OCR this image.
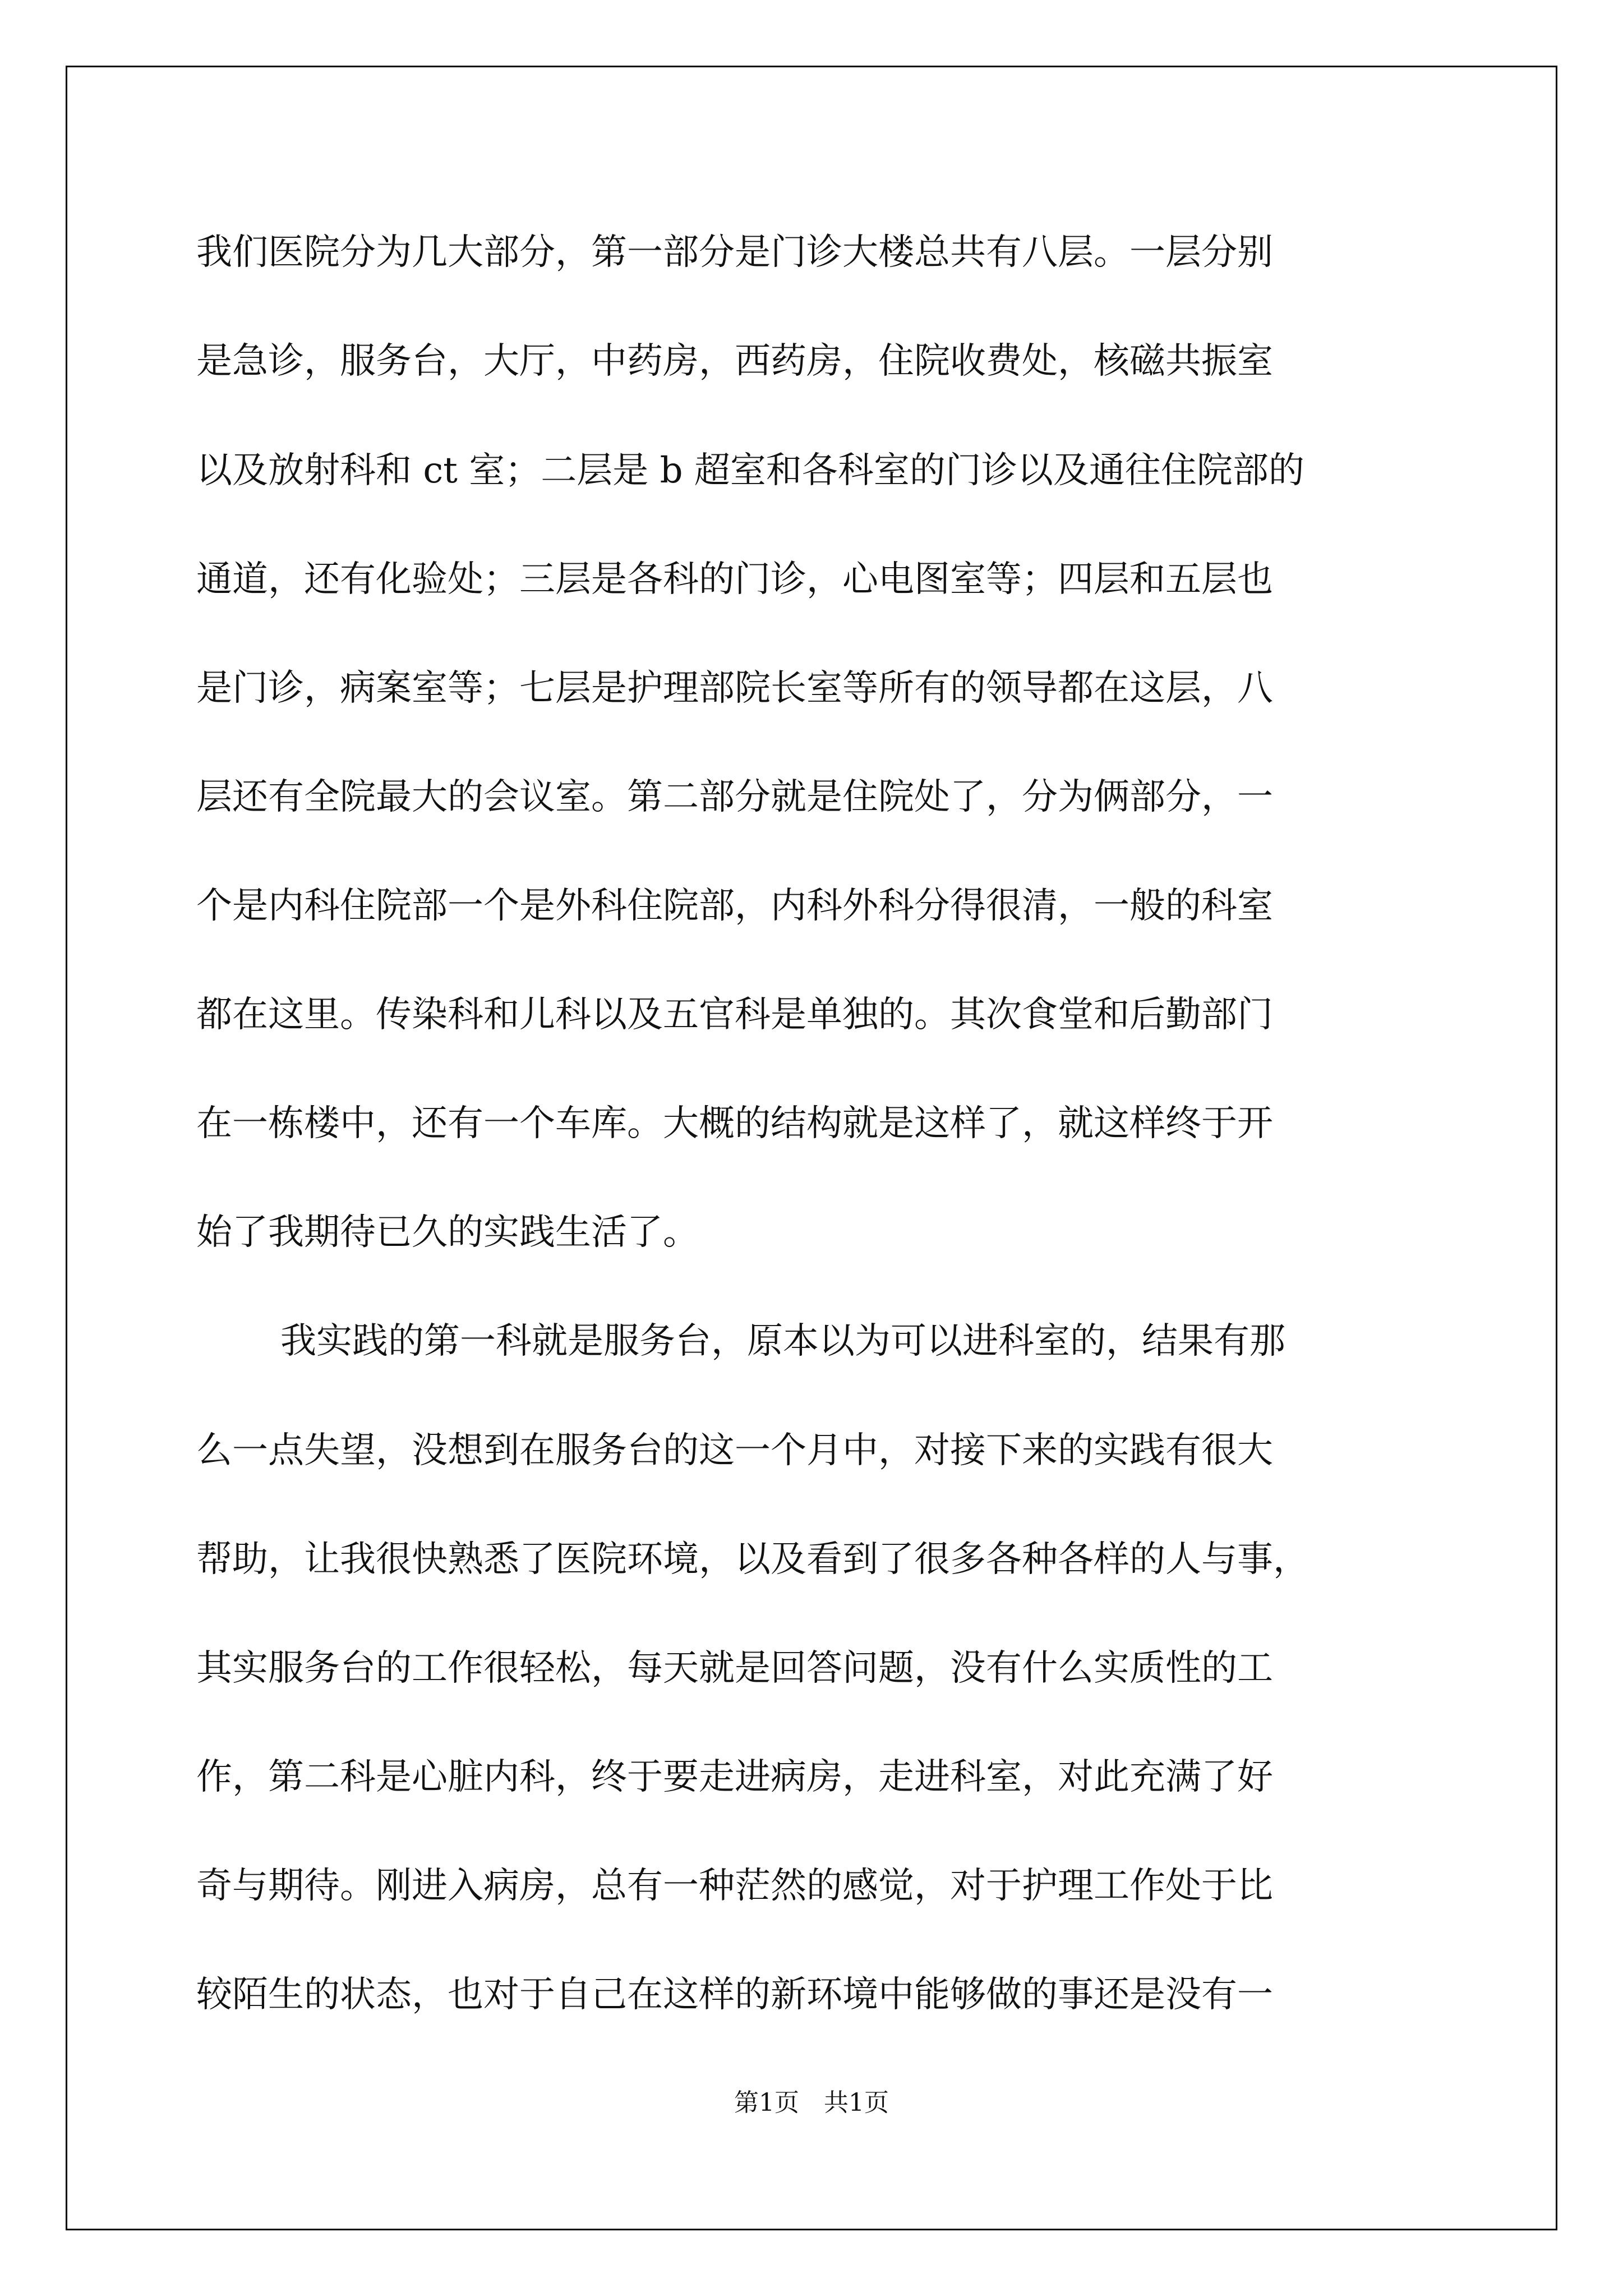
我们医院分为几大部分，第一部分是门诊大楼总共有八层。一层分别
是急诊，服务台，大厅，中药房，西药房，住院收费处，核磁共振室
以及放射科和 ct 室；二层是 b 超室和各科室的门诊以及通往住院部的
通道，还有化验处；三层是各科的门诊，心电图室等；四层和五层也
是门诊，病案室等；七层是护理部院长室等所有的领导都在这层，八
层还有全院最大的会议室。第二部分就是住院处了，分为俩部分，一
个是内科住院部一个是外科住院部，内科外科分得很清，一般的科室
都在这里。传染科和儿科以及五官科是单独的。其次食堂和后勤部门
在一栋楼中，还有一个车库。大概的结构就是这样了，就这样终于开
始了我期待已久的实践生活了。
我实践的第一科就是服务台，原本以为可以进科室的，结果有那
么一点失望，没想到在服务台的这一个月中，对接下来的实践有很大
帮助，让我很快熟悉了医院环境，以及看到了很多各种各样的人与事，
其实服务台的工作很轻松，每天就是回答问题，没有什么实质性的工
作，第二科是心脏内科，终于要走进病房，走进科室，对此充满了好
奇与期待。刚进入病房，总有一种茫然的感觉，对于护理工作处于比
较陌生的状态，也对于自己在这样的新环境中能够做的事还是没有一
第1页　共1页
